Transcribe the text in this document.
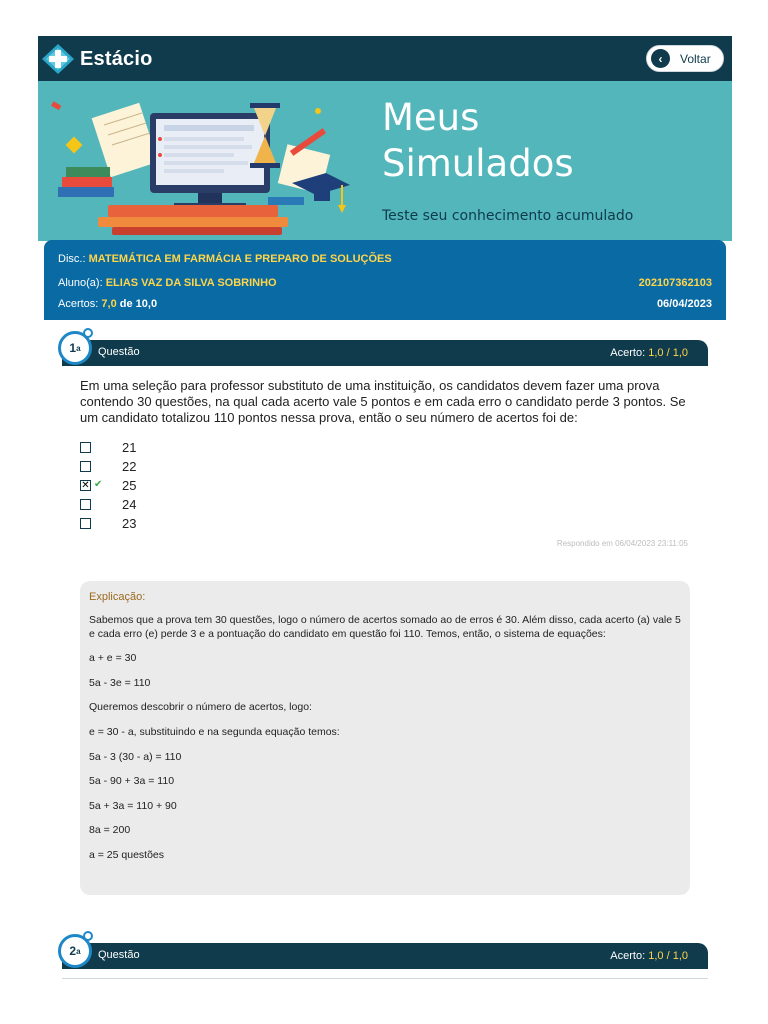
Estácio	‹	Voltar
Meus
Simulados
Teste seu conhecimento acumulado
Disc.: MATEMÁTICA EM FARMÁCIA E PREPARO DE SOLUÇÕES
Aluno(a): ELIAS VAZ DA SILVA SOBRINHO	202107362103
Acertos: 7,0 de 10,0	06/04/2023
1 a Questão	Acerto: 1,0 / 1,0
Em uma seleção para professor substituto de uma instituição, os candidatos devem fazer uma prova contendo 30 questões, na qual cada acerto vale 5 pontos e em cada erro o candidato perde 3 pontos. Se um candidato totalizou 110 pontos nessa prova, então o seu número de acertos foi de:
21
22
✕ ✔ 25
24
23
Respondido em 06/04/2023 23:11:05
Explicação:
Sabemos que a prova tem 30 questões, logo o número de acertos somado ao de erros é 30. Além disso, cada acerto (a) vale 5 e cada erro (e) perde 3 e a pontuação do candidato em questão foi 110. Temos, então, o sistema de equações:
a + e = 30
5a - 3e = 110
Queremos descobrir o número de acertos, logo:
e = 30 - a, substituindo e na segunda equação temos:
5a - 3 (30 - a) = 110
5a - 90 + 3a = 110
5a + 3a = 110 + 90
8a = 200
a = 25 questões
2 a Questão	Acerto: 1,0 / 1,0
